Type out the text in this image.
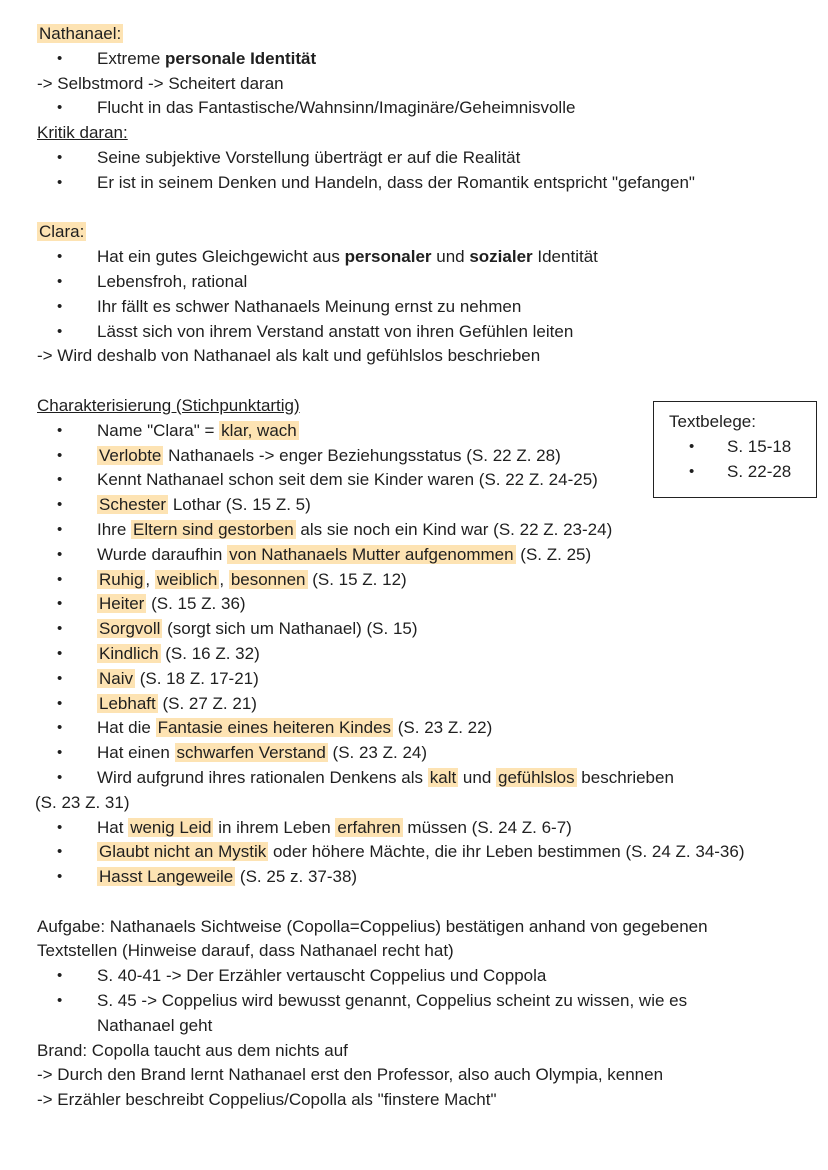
Nathanael:
• Extreme personale Identität
-> Selbstmord -> Scheitert daran
• Flucht in das Fantastische/Wahnsinn/Imaginäre/Geheimnisvolle
Kritik daran:
• Seine subjektive Vorstellung überträgt er auf die Realität
• Er ist in seinem Denken und Handeln, dass der Romantik entspricht "gefangen"
Clara:
• Hat ein gutes Gleichgewicht aus personaler und sozialer Identität
• Lebensfroh, rational
• Ihr fällt es schwer Nathanaels Meinung ernst zu nehmen
• Lässt sich von ihrem Verstand anstatt von ihren Gefühlen leiten
-> Wird deshalb von Nathanael als kalt und gefühlslos beschrieben
Charakterisierung (Stichpunktartig)
• Name "Clara" = klar, wach
• Verlobte Nathanaels -> enger Beziehungsstatus (S. 22 Z. 28)
• Kennt Nathanael schon seit dem sie Kinder waren (S. 22 Z. 24-25)
• Schester Lothar (S. 15 Z. 5)
• Ihre Eltern sind gestorben als sie noch ein Kind war (S. 22 Z. 23-24)
• Wurde daraufhin von Nathanaels Mutter aufgenommen (S. Z. 25)
• Ruhig , weiblich , besonnen (S. 15 Z. 12)
• Heiter (S. 15 Z. 36)
• Sorgvoll (sorgt sich um Nathanael) (S. 15)
• Kindlich (S. 16 Z. 32)
• Naiv (S. 18 Z. 17-21)
• Lebhaft (S. 27 Z. 21)
• Hat die Fantasie eines heiteren Kindes (S. 23 Z. 22)
• Hat einen schwarfen Verstand (S. 23 Z. 24)
• Wird aufgrund ihres rationalen Denkens als kalt und gefühlslos beschrieben
(S. 23 Z. 31)
• Hat wenig Leid in ihrem Leben erfahren müssen (S. 24 Z. 6-7)
• Glaubt nicht an Mystik oder höhere Mächte, die ihr Leben bestimmen (S. 24 Z. 34-36)
• Hasst Langeweile (S. 25 z. 37-38)
Aufgabe: Nathanaels Sichtweise (Copolla=Coppelius) bestätigen anhand von gegebenen
Textstellen (Hinweise darauf, dass Nathanael recht hat)
• S. 40-41 -> Der Erzähler vertauscht Coppelius und Coppola
• S. 45 -> Coppelius wird bewusst genannt, Coppelius scheint zu wissen, wie es Nathanael geht
Brand: Copolla taucht aus dem nichts auf
-> Durch den Brand lernt Nathanael erst den Professor, also auch Olympia, kennen
-> Erzähler beschreibt Coppelius/Copolla als "finstere Macht"
Textbelege:
• S. 15-18
• S. 22-28
